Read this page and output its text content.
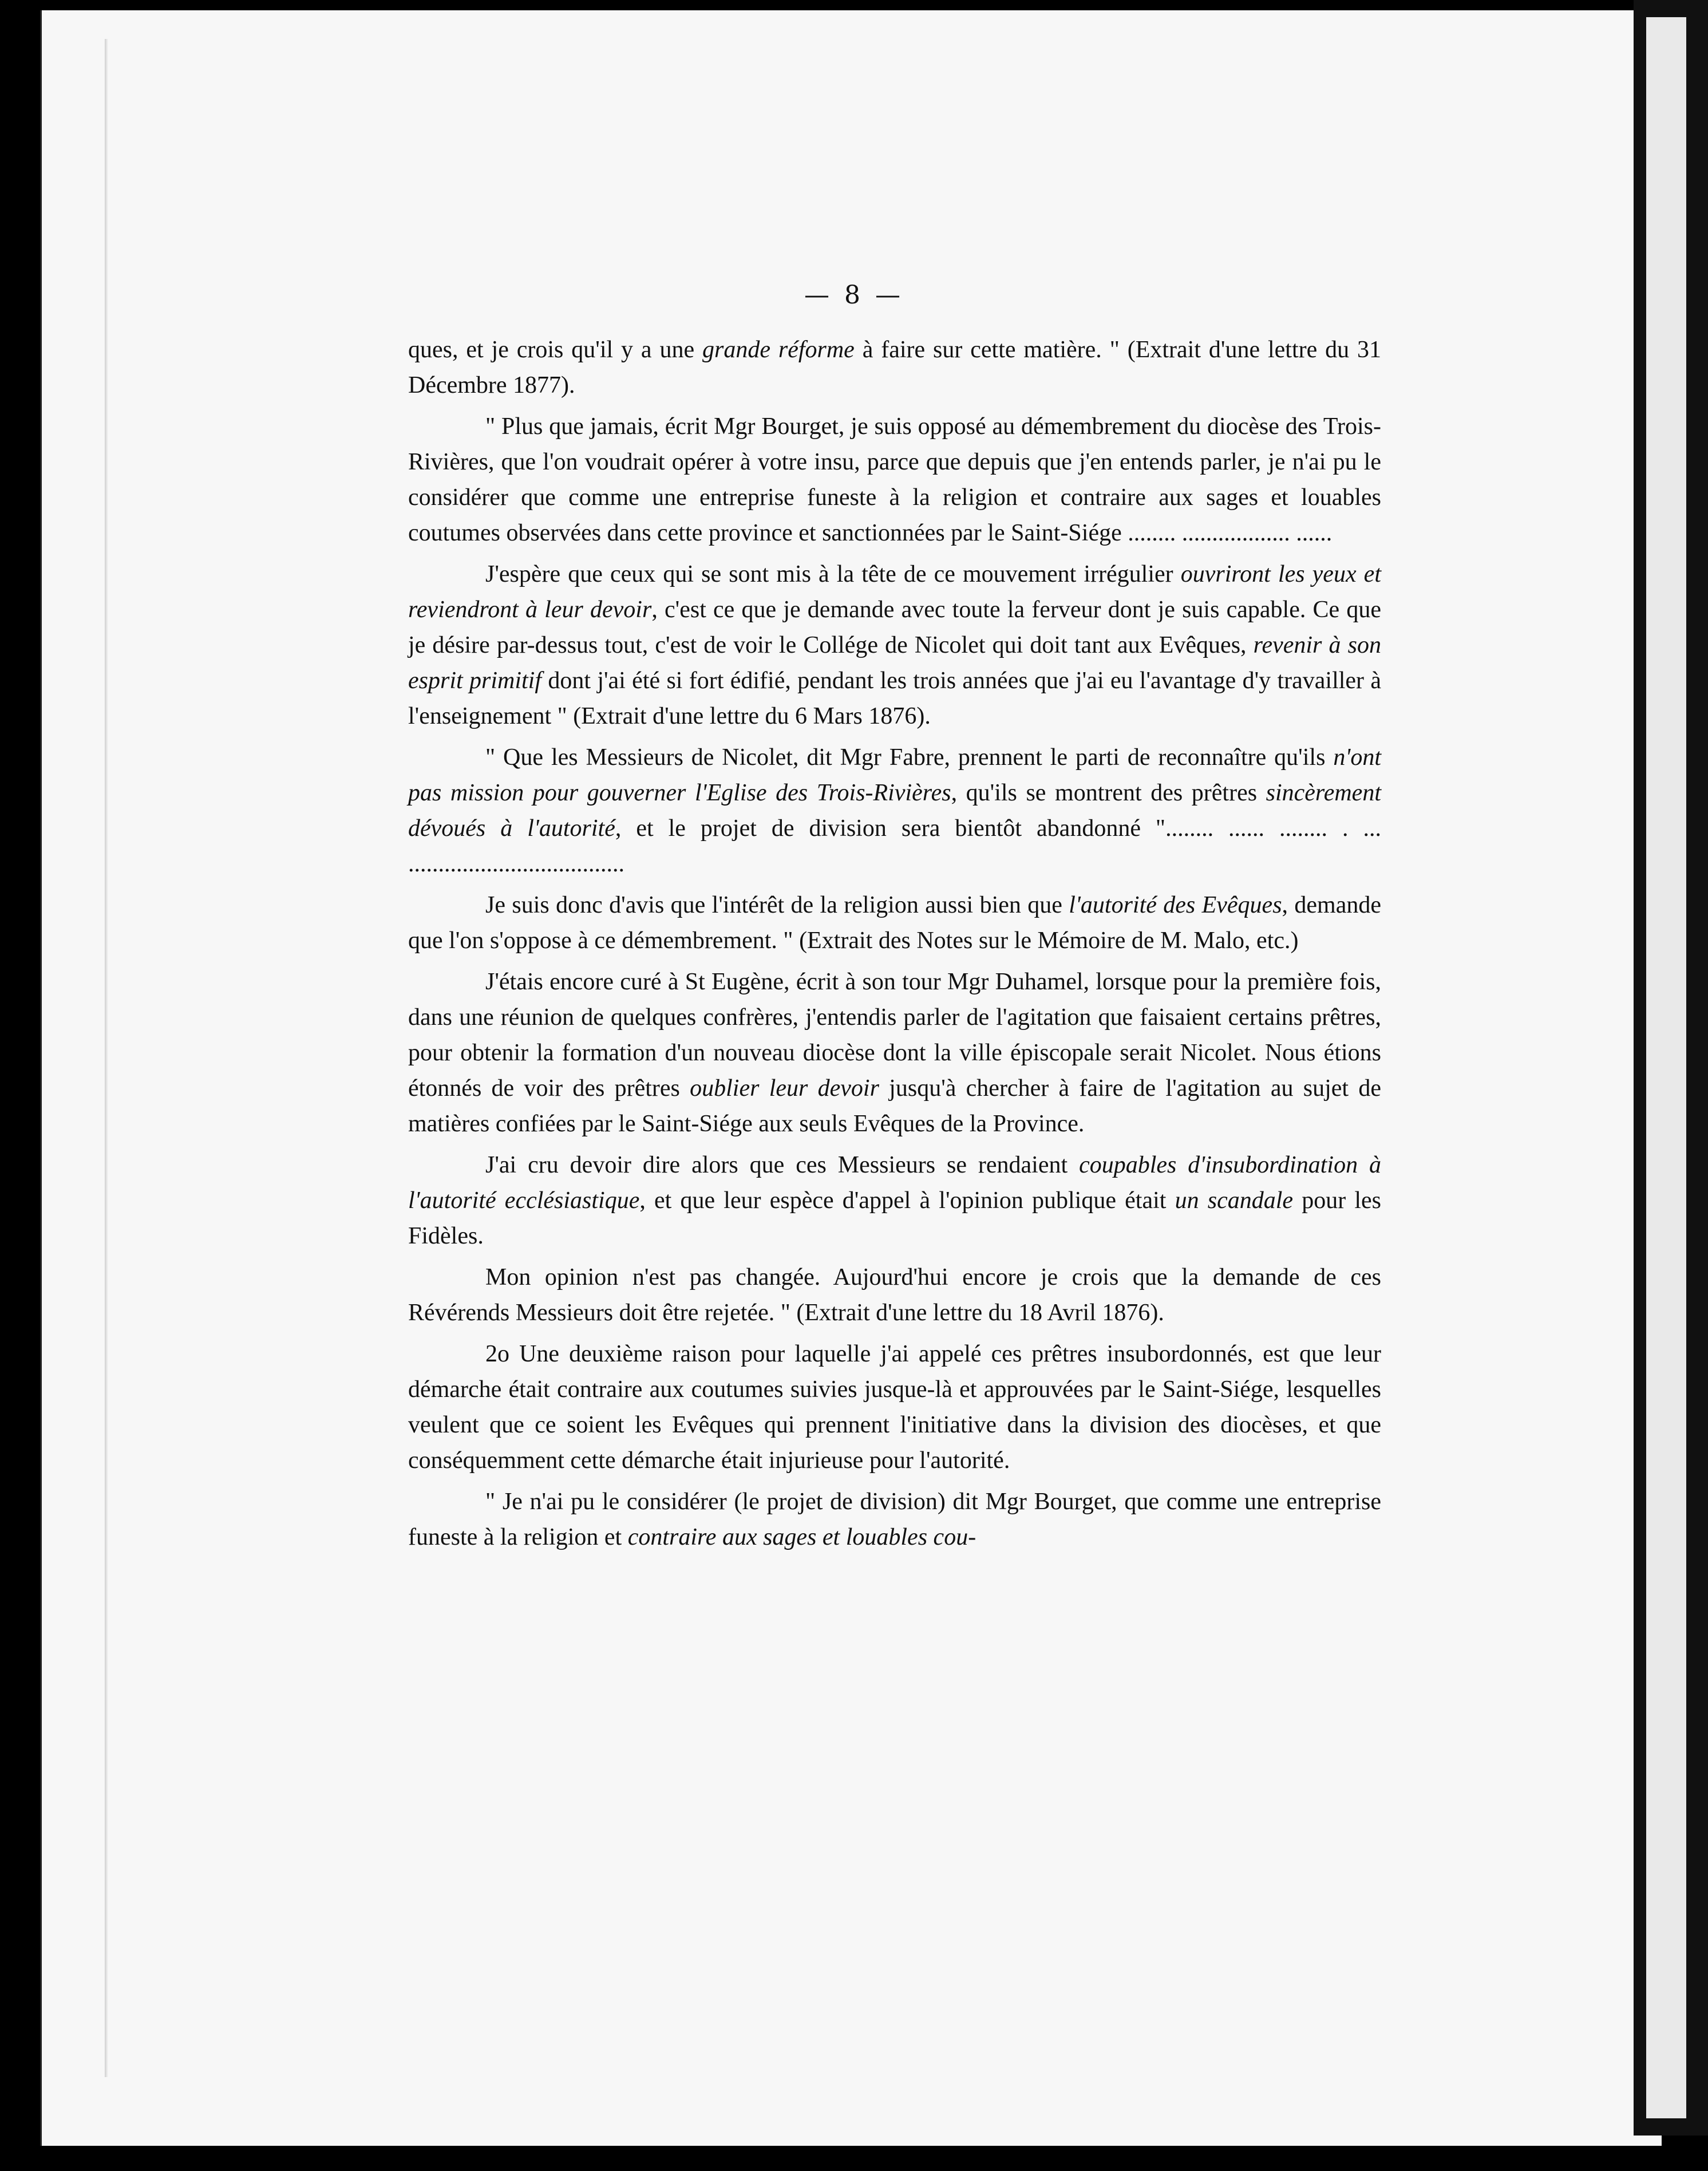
— 8 —

ques, et je crois qu'il y a une grande réforme à faire sur cette matière. " (Extrait d'une lettre du 31 Décembre 1877).

" Plus que jamais, écrit Mgr Bourget, je suis opposé au démembrement du diocèse des Trois-Rivières, que l'on voudrait opérer à votre insu, parce que depuis que j'en entends parler, je n'ai pu le considérer que comme une entreprise funeste à la religion et contraire aux sages et louables coutumes observées dans cette province et sanctionnées par le Saint-Siége ........ .................. ......

J'espère que ceux qui se sont mis à la tête de ce mouvement irrégulier ouvriront les yeux et reviendront à leur devoir, c'est ce que je demande avec toute la ferveur dont je suis capable. Ce que je désire par-dessus tout, c'est de voir le Collége de Nicolet qui doit tant aux Evêques, revenir à son esprit primitif dont j'ai été si fort édifié, pendant les trois années que j'ai eu l'avantage d'y travailler à l'enseignement " (Extrait d'une lettre du 6 Mars 1876).

" Que les Messieurs de Nicolet, dit Mgr Fabre, prennent le parti de reconnaître qu'ils n'ont pas mission pour gouverner l'Eglise des Trois-Rivières, qu'ils se montrent des prêtres sincèrement dévoués à l'autorité, et le projet de division sera bientôt abandonné "........ ...... ........ . ... ....................................

Je suis donc d'avis que l'intérêt de la religion aussi bien que l'autorité des Evêques, demande que l'on s'oppose à ce démembrement. " (Extrait des Notes sur le Mémoire de M. Malo, etc.)

J'étais encore curé à St Eugène, écrit à son tour Mgr Duhamel, lorsque pour la première fois, dans une réunion de quelques confrères, j'entendis parler de l'agitation que faisaient certains prêtres, pour obtenir la formation d'un nouveau diocèse dont la ville épiscopale serait Nicolet. Nous étions étonnés de voir des prêtres oublier leur devoir jusqu'à chercher à faire de l'agitation au sujet de matières confiées par le Saint-Siége aux seuls Evêques de la Province.

J'ai cru devoir dire alors que ces Messieurs se rendaient coupables d'insubordination à l'autorité ecclésiastique, et que leur espèce d'appel à l'opinion publique était un scandale pour les Fidèles.

Mon opinion n'est pas changée. Aujourd'hui encore je crois que la demande de ces Révérends Messieurs doit être rejetée. " (Extrait d'une lettre du 18 Avril 1876).

2o Une deuxième raison pour laquelle j'ai appelé ces prêtres insubordonnés, est que leur démarche était contraire aux coutumes suivies jusque-là et approuvées par le Saint-Siége, lesquelles veulent que ce soient les Evêques qui prennent l'initiative dans la division des diocèses, et que conséquemment cette démarche était injurieuse pour l'autorité.

" Je n'ai pu le considérer (le projet de division) dit Mgr Bourget, que comme une entreprise funeste à la religion et contraire aux sages et louables cou-
